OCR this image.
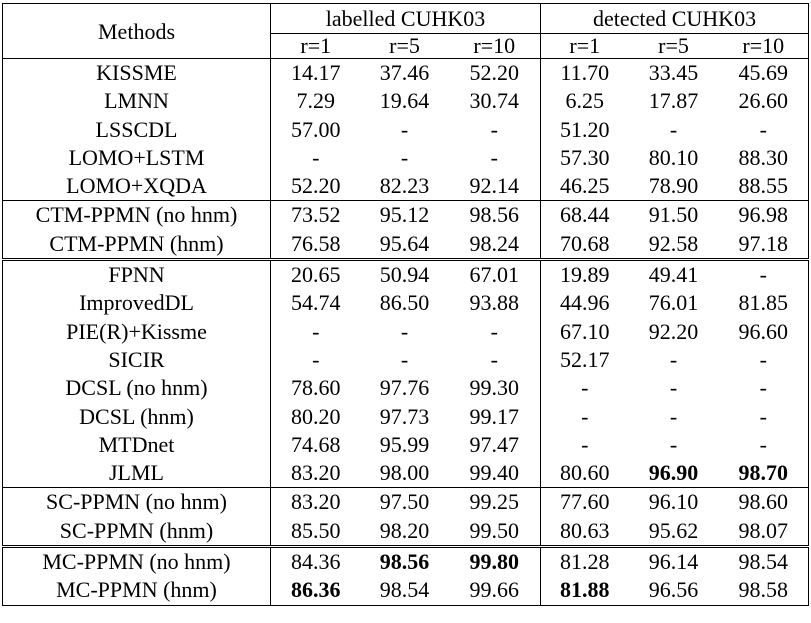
Methods	labelled CUHK03			detected CUHK03		
	r=1	r=5	r=10	r=1	r=5	r=10
KISSME	14.17	37.46	52.20	11.70	33.45	45.69
LMNN	7.29	19.64	30.74	6.25	17.87	26.60
LSSCDL	57.00	-	-	51.20	-	-
LOMO+LSTM	-	-	-	57.30	80.10	88.30
LOMO+XQDA	52.20	82.23	92.14	46.25	78.90	88.55
CTM-PPMN (no hnm)	73.52	95.12	98.56	68.44	91.50	96.98
CTM-PPMN (hnm)	76.58	95.64	98.24	70.68	92.58	97.18
FPNN	20.65	50.94	67.01	19.89	49.41	-
ImprovedDL	54.74	86.50	93.88	44.96	76.01	81.85
PIE(R)+Kissme	-	-	-	67.10	92.20	96.60
SICIR	-	-	-	52.17	-	-
DCSL (no hnm)	78.60	97.76	99.30	-	-	-
DCSL (hnm)	80.20	97.73	99.17	-	-	-
MTDnet	74.68	95.99	97.47	-	-	-
JLML	83.20	98.00	99.40	80.60	96.90	98.70
SC-PPMN (no hnm)	83.20	97.50	99.25	77.60	96.10	98.60
SC-PPMN (hnm)	85.50	98.20	99.50	80.63	95.62	98.07
MC-PPMN (no hnm)	84.36	98.56	99.80	81.28	96.14	98.54
MC-PPMN (hnm)	86.36	98.54	99.66	81.88	96.56	98.58
